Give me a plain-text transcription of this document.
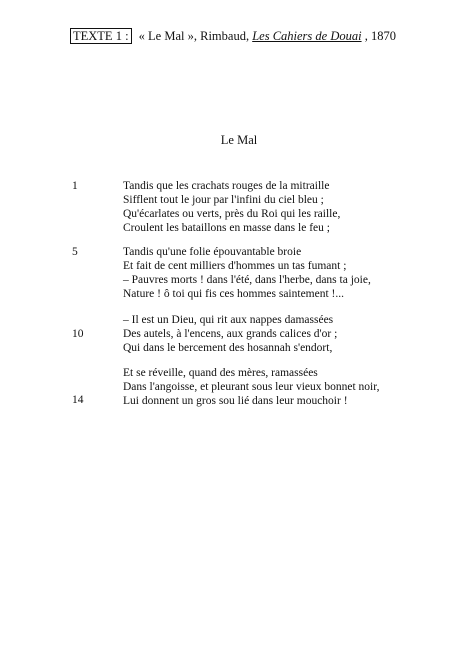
TEXTE 1 : « Le Mal », Rimbaud, Les Cahiers de Douai , 1870
Le Mal
1
5
10
14
Tandis que les crachats rouges de la mitraille
Sifflent tout le jour par l'infini du ciel bleu ;
Qu'écarlates ou verts, près du Roi qui les raille,
Croulent les bataillons en masse dans le feu ;
Tandis qu'une folie épouvantable broie
Et fait de cent milliers d'hommes un tas fumant ;
– Pauvres morts ! dans l'été, dans l'herbe, dans ta joie,
Nature ! ô toi qui fis ces hommes saintement !...
– Il est un Dieu, qui rit aux nappes damassées
Des autels, à l'encens, aux grands calices d'or ;
Qui dans le bercement des hosannah s'endort,
Et se réveille, quand des mères, ramassées
Dans l'angoisse, et pleurant sous leur vieux bonnet noir,
Lui donnent un gros sou lié dans leur mouchoir !
